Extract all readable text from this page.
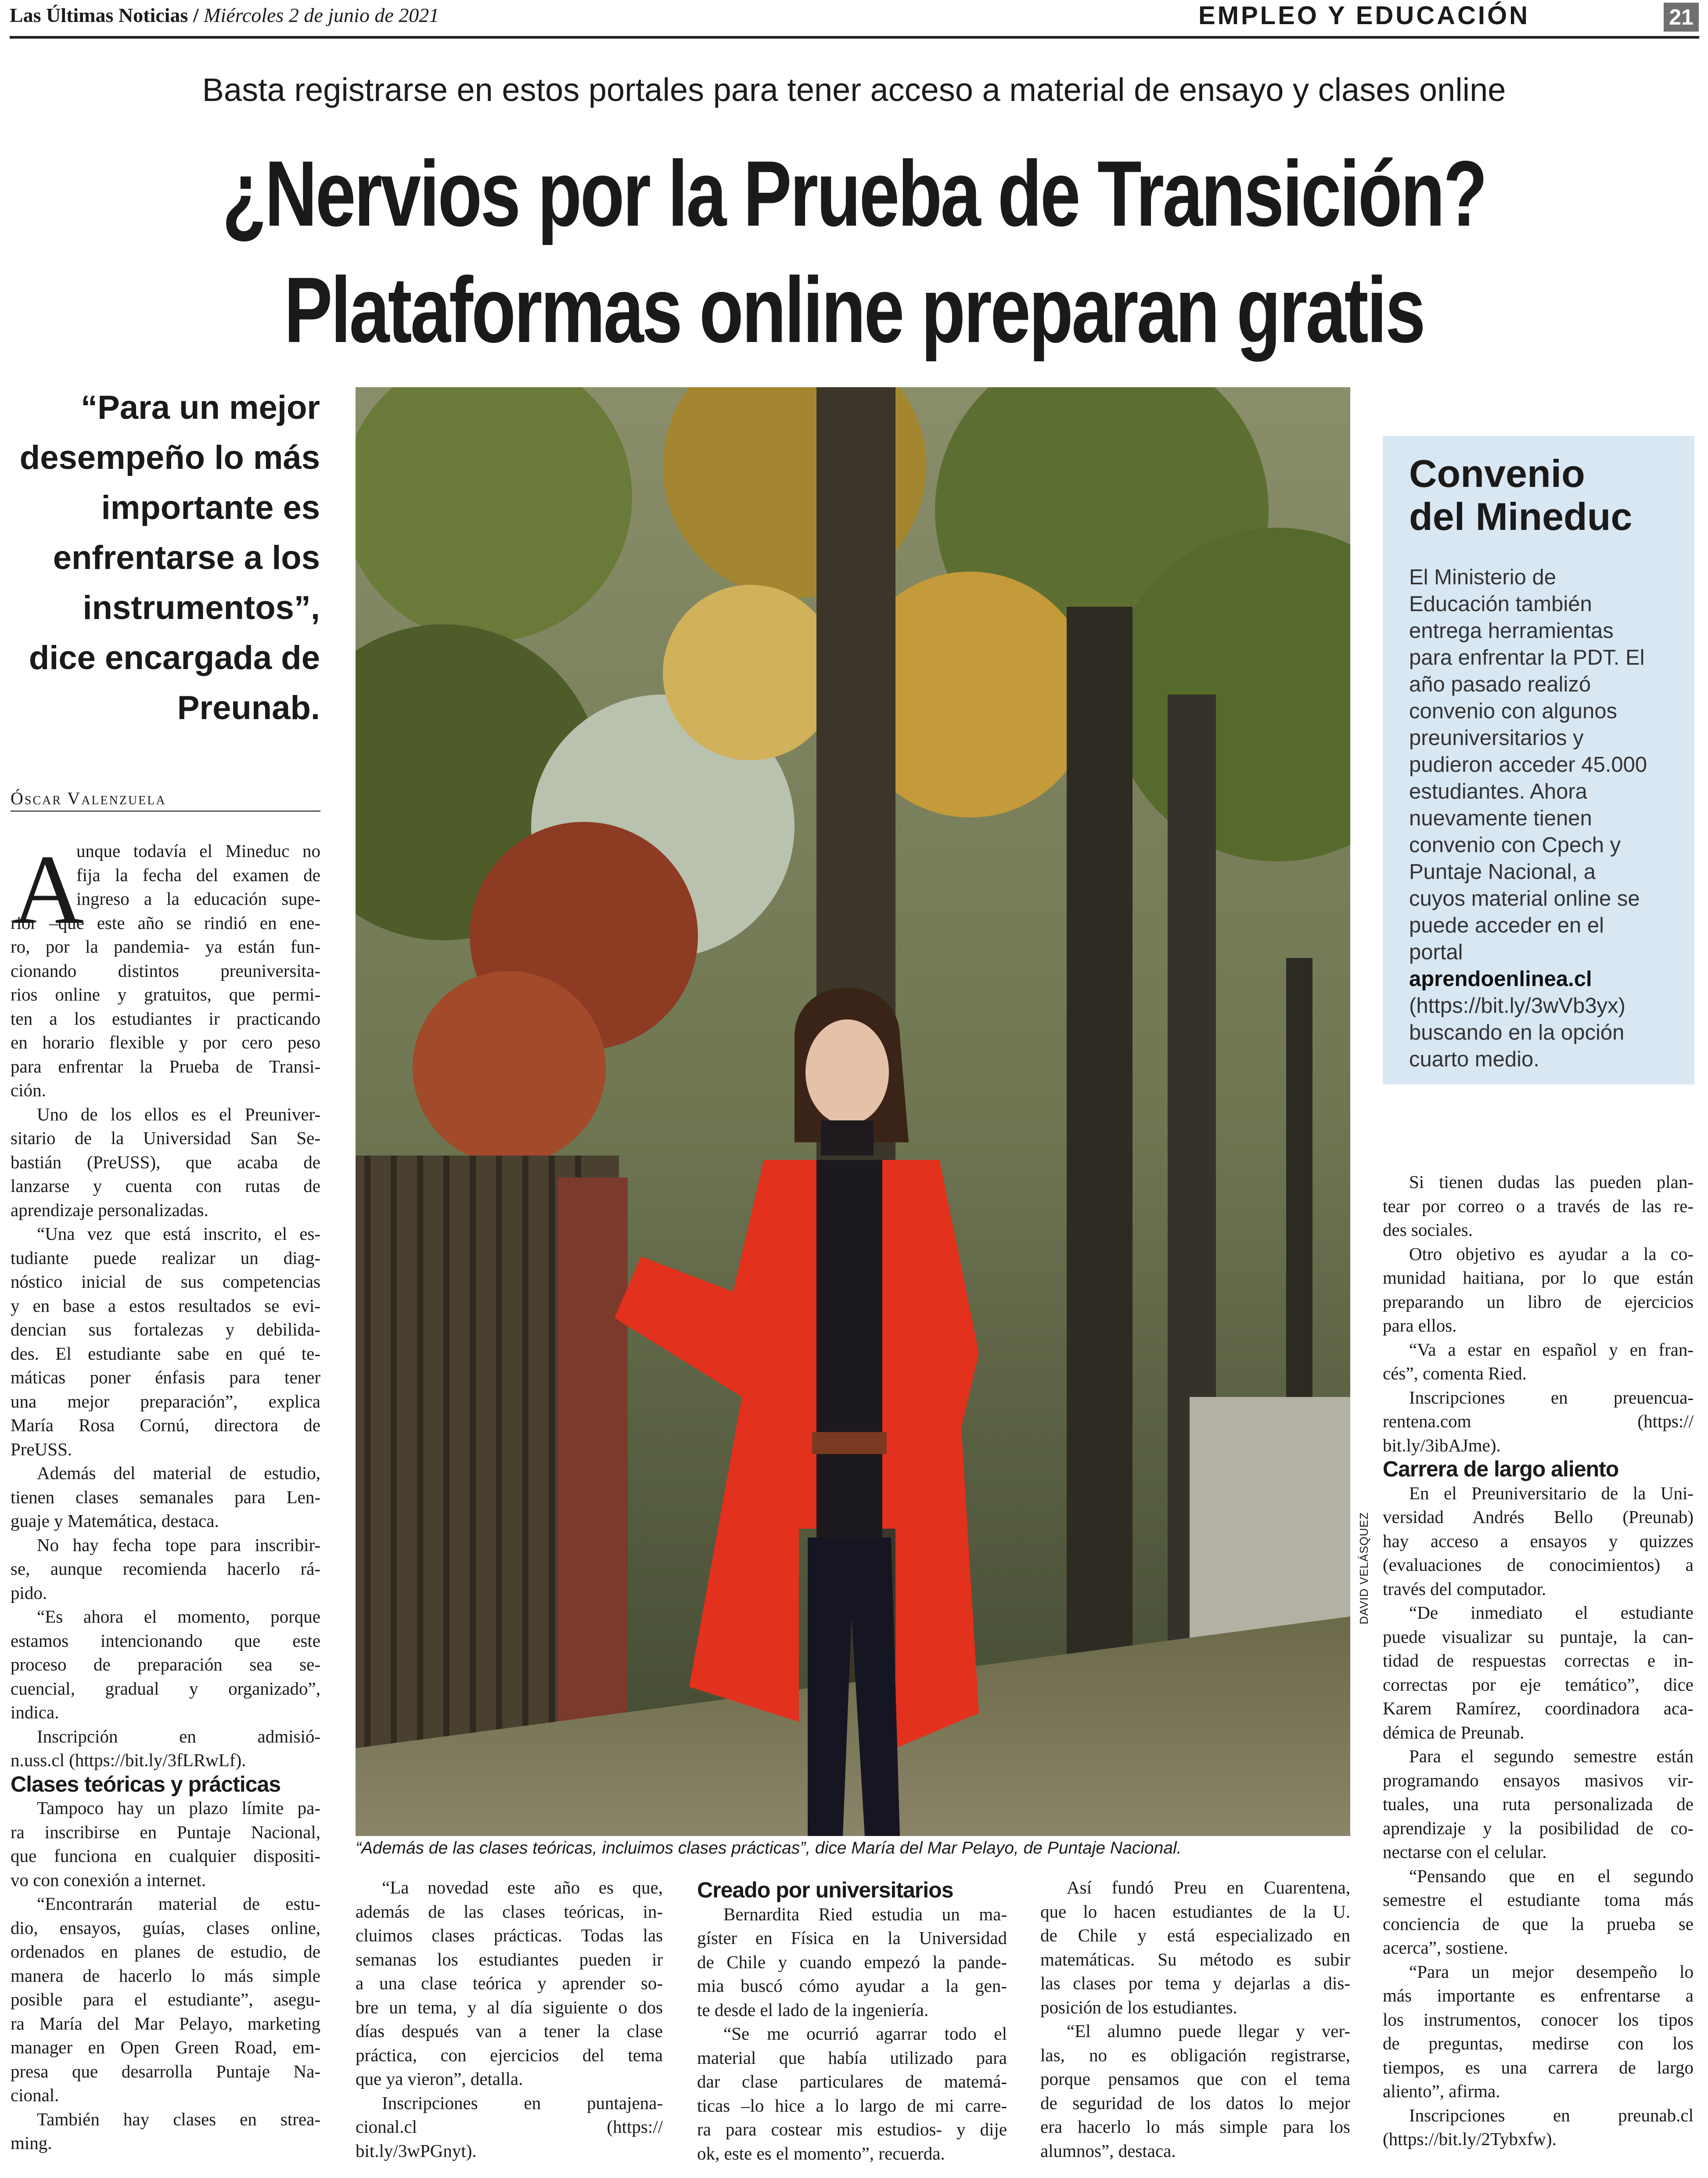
Las Últimas Noticias / Miércoles 2 de junio de 2021	EMPLEO Y EDUCACIÓN	21
Basta registrarse en estos portales para tener acceso a material de ensayo y clases online
¿Nervios por la Prueba de Transición?
Plataformas online preparan gratis
“Para un mejor
desempeño lo más
importante es
enfrentarse a los
instrumentos”,
dice encargada de
Preunab.
Óscar Valenzuela
DAVID VELÁSQUEZ
“Además de las clases teóricas, incluimos clases prácticas”, dice María del Mar Pelayo, de Puntaje Nacional.
Convenio
del Mineduc
El Ministerio de
Educación también
entrega herramientas
para enfrentar la PDT. El
año pasado realizó
convenio con algunos
preuniversitarios y
pudieron acceder 45.000
estudiantes. Ahora
nuevamente tienen
convenio con Cpech y
Puntaje Nacional, a
cuyos material online se
puede acceder en el
portal
aprendoenlinea.cl
(https://bit.ly/3wVb3yx)
buscando en la opción
cuarto medio.
A
unque todavía el Mineduc no
fija la fecha del examen de
ingreso a la educación supe-
rior –que este año se rindió en ene-
ro, por la pandemia- ya están fun-
cionando distintos preuniversita-
rios online y gratuitos, que permi-
ten a los estudiantes ir practicando
en horario flexible y por cero peso
para enfrentar la Prueba de Transi-
ción.
Uno de los ellos es el Preuniver-
sitario de la Universidad San Se-
bastián (PreUSS), que acaba de
lanzarse y cuenta con rutas de
aprendizaje personalizadas.
“Una vez que está inscrito, el es-
tudiante puede realizar un diag-
nóstico inicial de sus competencias
y en base a estos resultados se evi-
dencian sus fortalezas y debilida-
des. El estudiante sabe en qué te-
máticas poner énfasis para tener
una mejor preparación”, explica
María Rosa Cornú, directora de
PreUSS.
Además del material de estudio,
tienen clases semanales para Len-
guaje y Matemática, destaca.
No hay fecha tope para inscribir-
se, aunque recomienda hacerlo rá-
pido.
“Es ahora el momento, porque
estamos intencionando que este
proceso de preparación sea se-
cuencial, gradual y organizado”,
indica.
Inscripción en admisió-
n.uss.cl (https://bit.ly/3fLRwLf).
Clases teóricas y prácticas
Tampoco hay un plazo límite pa-
ra inscribirse en Puntaje Nacional,
que funciona en cualquier dispositi-
vo con conexión a internet.
“Encontrarán material de estu-
dio, ensayos, guías, clases online,
ordenados en planes de estudio, de
manera de hacerlo lo más simple
posible para el estudiante”, asegu-
ra María del Mar Pelayo, marketing
manager en Open Green Road, em-
presa que desarrolla Puntaje Na-
cional.
También hay clases en strea-
ming.
“La novedad este año es que,
además de las clases teóricas, in-
cluimos clases prácticas. Todas las
semanas los estudiantes pueden ir
a una clase teórica y aprender so-
bre un tema, y al día siguiente o dos
días después van a tener la clase
práctica, con ejercicios del tema
que ya vieron”, detalla.
Inscripciones en puntajena-
cional.cl (https://
bit.ly/3wPGnyt).
Creado por universitarios
Bernardita Ried estudia un ma-
gíster en Física en la Universidad
de Chile y cuando empezó la pande-
mia buscó cómo ayudar a la gen-
te desde el lado de la ingeniería.
“Se me ocurrió agarrar todo el
material que había utilizado para
dar clase particulares de matemá-
ticas –lo hice a lo largo de mi carre-
ra para costear mis estudios- y dije
ok, este es el momento”, recuerda.
Así fundó Preu en Cuarentena,
que lo hacen estudiantes de la U.
de Chile y está especializado en
matemáticas. Su método es subir
las clases por tema y dejarlas a dis-
posición de los estudiantes.
“El alumno puede llegar y ver-
las, no es obligación registrarse,
porque pensamos que con el tema
de seguridad de los datos lo mejor
era hacerlo lo más simple para los
alumnos”, destaca.
Si tienen dudas las pueden plan-
tear por correo o a través de las re-
des sociales.
Otro objetivo es ayudar a la co-
munidad haitiana, por lo que están
preparando un libro de ejercicios
para ellos.
“Va a estar en español y en fran-
cés”, comenta Ried.
Inscripciones en preuencua-
rentena.com (https://
bit.ly/3ibAJme).
Carrera de largo aliento
En el Preuniversitario de la Uni-
versidad Andrés Bello (Preunab)
hay acceso a ensayos y quizzes
(evaluaciones de conocimientos) a
través del computador.
“De inmediato el estudiante
puede visualizar su puntaje, la can-
tidad de respuestas correctas e in-
correctas por eje temático”, dice
Karem Ramírez, coordinadora aca-
démica de Preunab.
Para el segundo semestre están
programando ensayos masivos vir-
tuales, una ruta personalizada de
aprendizaje y la posibilidad de co-
nectarse con el celular.
“Pensando que en el segundo
semestre el estudiante toma más
conciencia de que la prueba se
acerca”, sostiene.
“Para un mejor desempeño lo
más importante es enfrentarse a
los instrumentos, conocer los tipos
de preguntas, medirse con los
tiempos, es una carrera de largo
aliento”, afirma.
Inscripciones en preunab.cl
(https://bit.ly/2Tybxfw).
